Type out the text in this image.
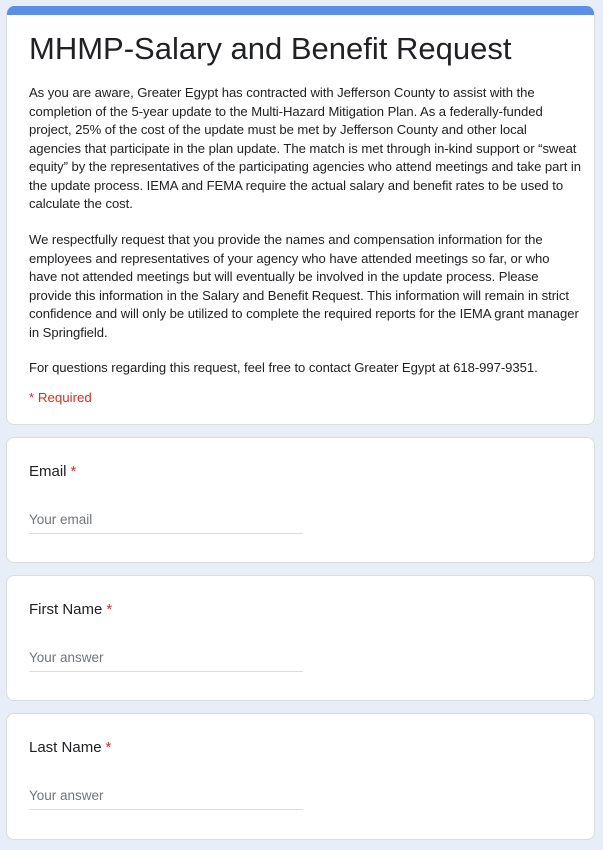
MHMP-Salary and Benefit Request

As you are aware, Greater Egypt has contracted with Jefferson County to assist with the completion of the 5-year update to the Multi-Hazard Mitigation Plan. As a federally-funded project, 25% of the cost of the update must be met by Jefferson County and other local agencies that participate in the plan update. The match is met through in-kind support or “sweat equity” by the representatives of the participating agencies who attend meetings and take part in the update process. IEMA and FEMA require the actual salary and benefit rates to be used to calculate the cost.

We respectfully request that you provide the names and compensation information for the employees and representatives of your agency who have attended meetings so far, or who have not attended meetings but will eventually be involved in the update process. Please provide this information in the Salary and Benefit Request. This information will remain in strict confidence and will only be utilized to complete the required reports for the IEMA grant manager in Springfield.

For questions regarding this request, feel free to contact Greater Egypt at 618-997-9351.

* Required
Email *
Your email
First Name *
Your answer
Last Name *
Your answer
